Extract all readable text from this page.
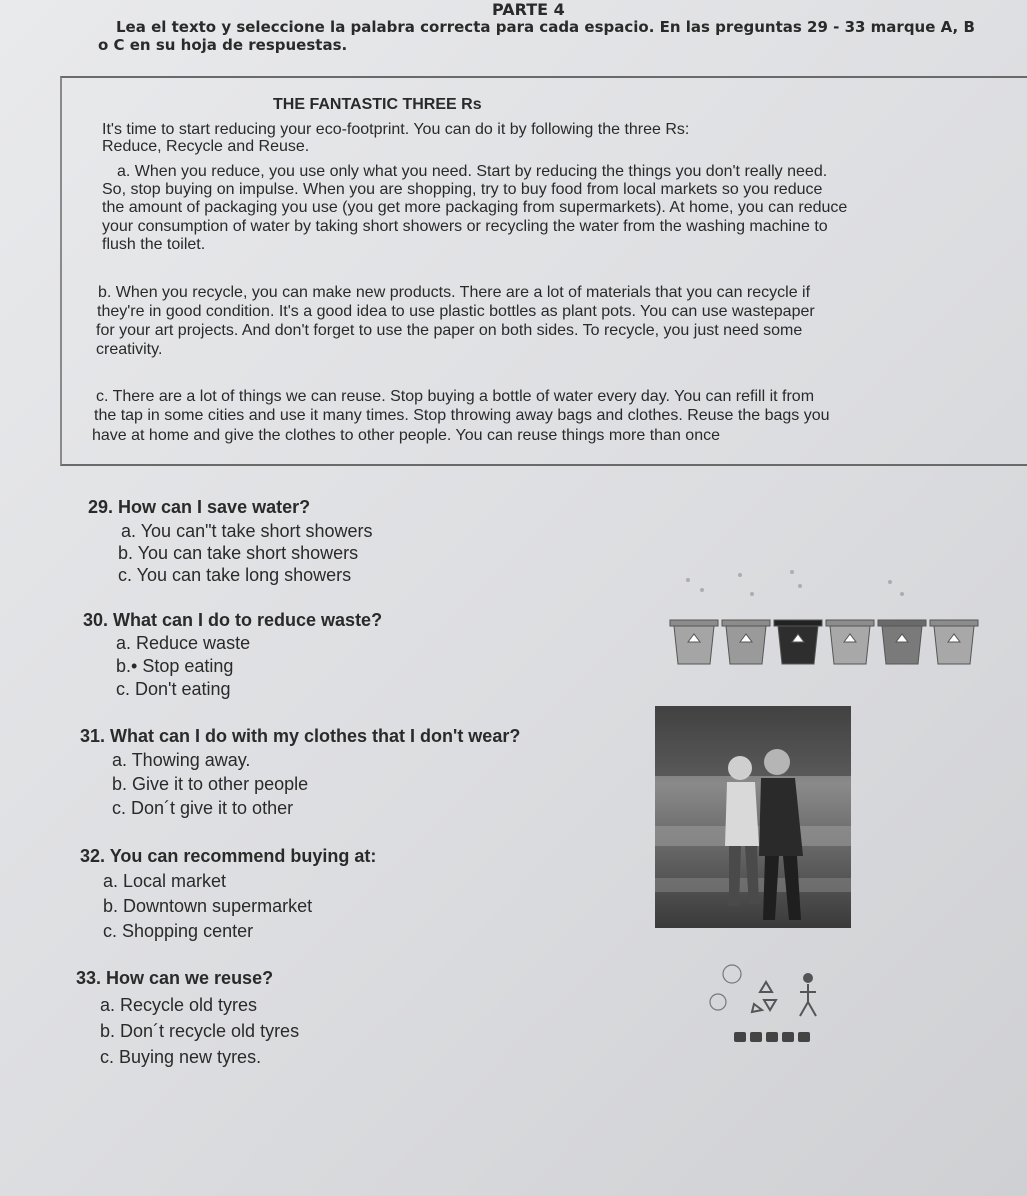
PARTE 4
Lea el texto y seleccione la palabra correcta para cada espacio. En las preguntas 29 - 33 marque A, B
o C en su hoja de respuestas.
THE FANTASTIC THREE Rs
It's time to start reducing your eco-footprint. You can do it by following the three Rs:
Reduce, Recycle and Reuse.
a. When you reduce, you use only what you need. Start by reducing the things you don't really need.
So, stop buying on impulse. When you are shopping, try to buy food from local markets so you reduce
the amount of packaging you use (you get more packaging from supermarkets). At home, you can reduce
your consumption of water by taking short showers or recycling the water from the washing machine to
flush the toilet.
b. When you recycle, you can make new products. There are a lot of materials that you can recycle if
they're in good condition. It's a good idea to use plastic bottles as plant pots. You can use wastepaper
for your art projects. And don't forget to use the paper on both sides. To recycle, you just need some
creativity.
c. There are a lot of things we can reuse. Stop buying a bottle of water every day. You can refill it from
the tap in some cities and use it many times. Stop throwing away bags and clothes. Reuse the bags you
have at home and give the clothes to other people. You can reuse things more than once
29. How can I save water?
a. You can"t take short showers
b. You can take short showers
c. You can take long showers
30. What can I do to reduce waste?
a. Reduce waste
b.• Stop eating
c. Don't eating
31. What can I do with my clothes that I don't wear?
a. Thowing away.
b. Give it to other people
c. Don´t give it to other
32. You can recommend buying at:
a. Local market
b. Downtown supermarket
c. Shopping center
33. How can we reuse?
a. Recycle old tyres
b. Don´t recycle old tyres
c. Buying new tyres.
